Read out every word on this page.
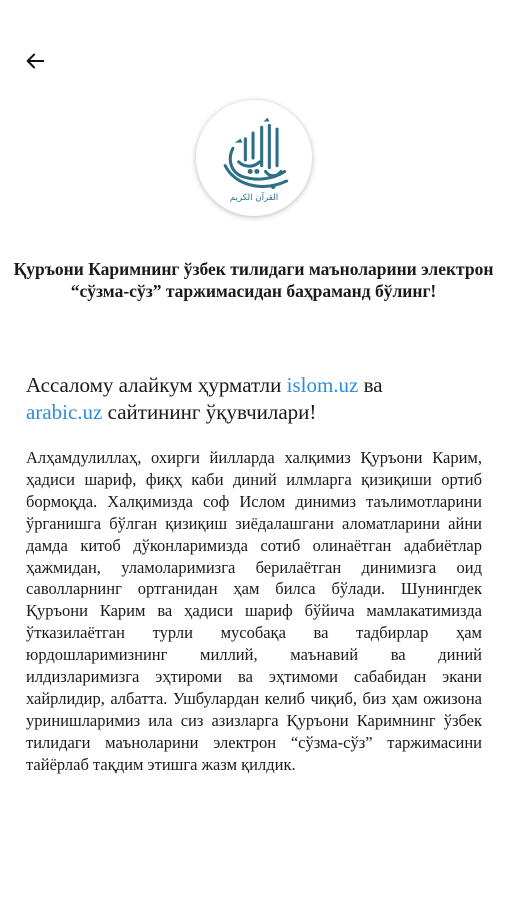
القرآن الكريم
Қуръони Каримнинг ўзбек тилидаги маъноларини электрон “сўзма-сўз” таржимасидан баҳраманд бўлинг!

Ассалому алайкум ҳурматли islom.uz ва
arabic.uz сайтининг ўқувчилари!

Алҳамдулиллаҳ, охирги йилларда халқимиз Қуръони Карим, ҳадиси шариф, фиқҳ каби диний илмларга қизиқиши ортиб бормоқда. Халқимизда соф Ислом динимиз таълимотларини ўрганишга бўлган қизиқиш зиёдалашгани аломатларини айни дамда китоб дўконларимизда сотиб олинаётган адабиётлар ҳажмидан, уламоларимизга берилаётган динимизга оид саволларнинг ортганидан ҳам билса бўлади. Шунингдек Қуръони Карим ва ҳадиси шариф бўйича мамлакатимизда ўтказилаётган турли мусобақа ва тадбирлар ҳам юрдошларимизнинг миллий, маънавий ва диний илдизларимизга эҳтироми ва эҳтимоми сабабидан экани хайрлидир, албатта. Ушбулардан келиб чиқиб, биз ҳам ожизона уринишларимиз ила сиз азизларга Қуръони Каримнинг ўзбек тилидаги маъноларини электрон “сўзма-сўз” таржимасини тайёрлаб тақдим этишга жазм қилдик.
